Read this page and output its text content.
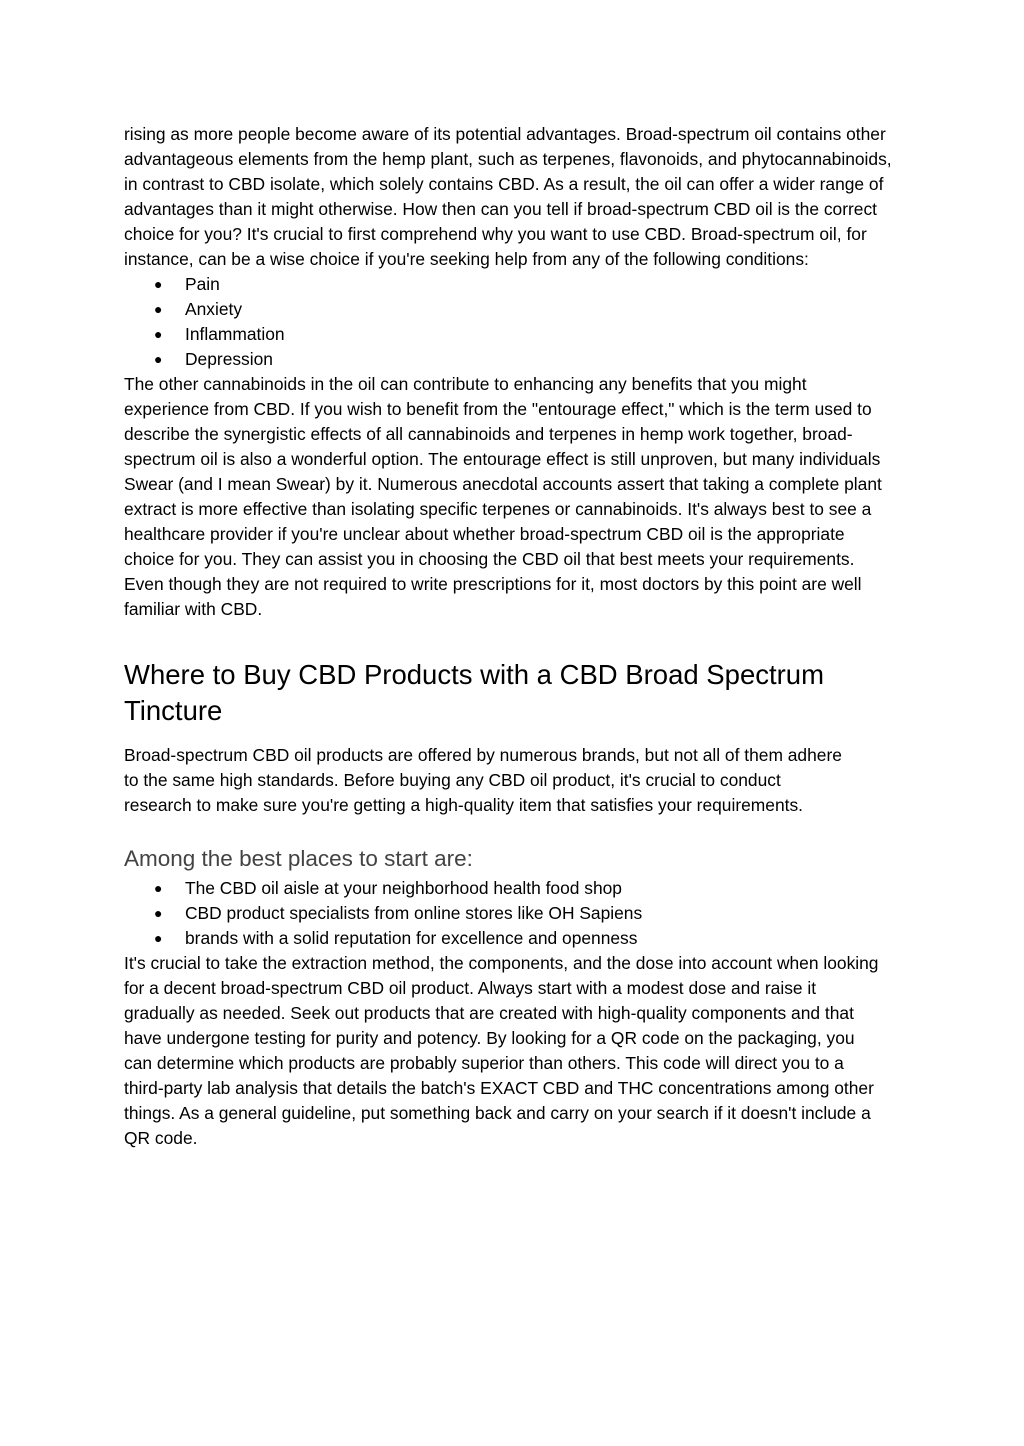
rising as more people become aware of its potential advantages. Broad-spectrum oil contains other advantageous elements from the hemp plant, such as terpenes, flavonoids, and phytocannabinoids, in contrast to CBD isolate, which solely contains CBD. As a result, the oil can offer a wider range of advantages than it might otherwise. How then can you tell if broad-spectrum CBD oil is the correct choice for you? It's crucial to first comprehend why you want to use CBD. Broad-spectrum oil, for instance, can be a wise choice if you're seeking help from any of the following conditions:

● Pain
● Anxiety
● Inflammation
● Depression

The other cannabinoids in the oil can contribute to enhancing any benefits that you might experience from CBD. If you wish to benefit from the "entourage effect," which is the term used to describe the synergistic effects of all cannabinoids and terpenes in hemp work together, broad-spectrum oil is also a wonderful option. The entourage effect is still unproven, but many individuals Swear (and I mean Swear) by it. Numerous anecdotal accounts assert that taking a complete plant extract is more effective than isolating specific terpenes or cannabinoids. It's always best to see a healthcare provider if you're unclear about whether broad-spectrum CBD oil is the appropriate choice for you. They can assist you in choosing the CBD oil that best meets your requirements. Even though they are not required to write prescriptions for it, most doctors by this point are well familiar with CBD.

Where to Buy CBD Products with a CBD Broad Spectrum Tincture

Broad-spectrum CBD oil products are offered by numerous brands, but not all of them adhere to the same high standards. Before buying any CBD oil product, it's crucial to conduct research to make sure you're getting a high-quality item that satisfies your requirements.

Among the best places to start are:
● The CBD oil aisle at your neighborhood health food shop
● CBD product specialists from online stores like OH Sapiens
● brands with a solid reputation for excellence and openness

It's crucial to take the extraction method, the components, and the dose into account when looking for a decent broad-spectrum CBD oil product. Always start with a modest dose and raise it gradually as needed. Seek out products that are created with high-quality components and that have undergone testing for purity and potency. By looking for a QR code on the packaging, you can determine which products are probably superior than others. This code will direct you to a third-party lab analysis that details the batch's EXACT CBD and THC concentrations among other things. As a general guideline, put something back and carry on your search if it doesn't include a QR code.
